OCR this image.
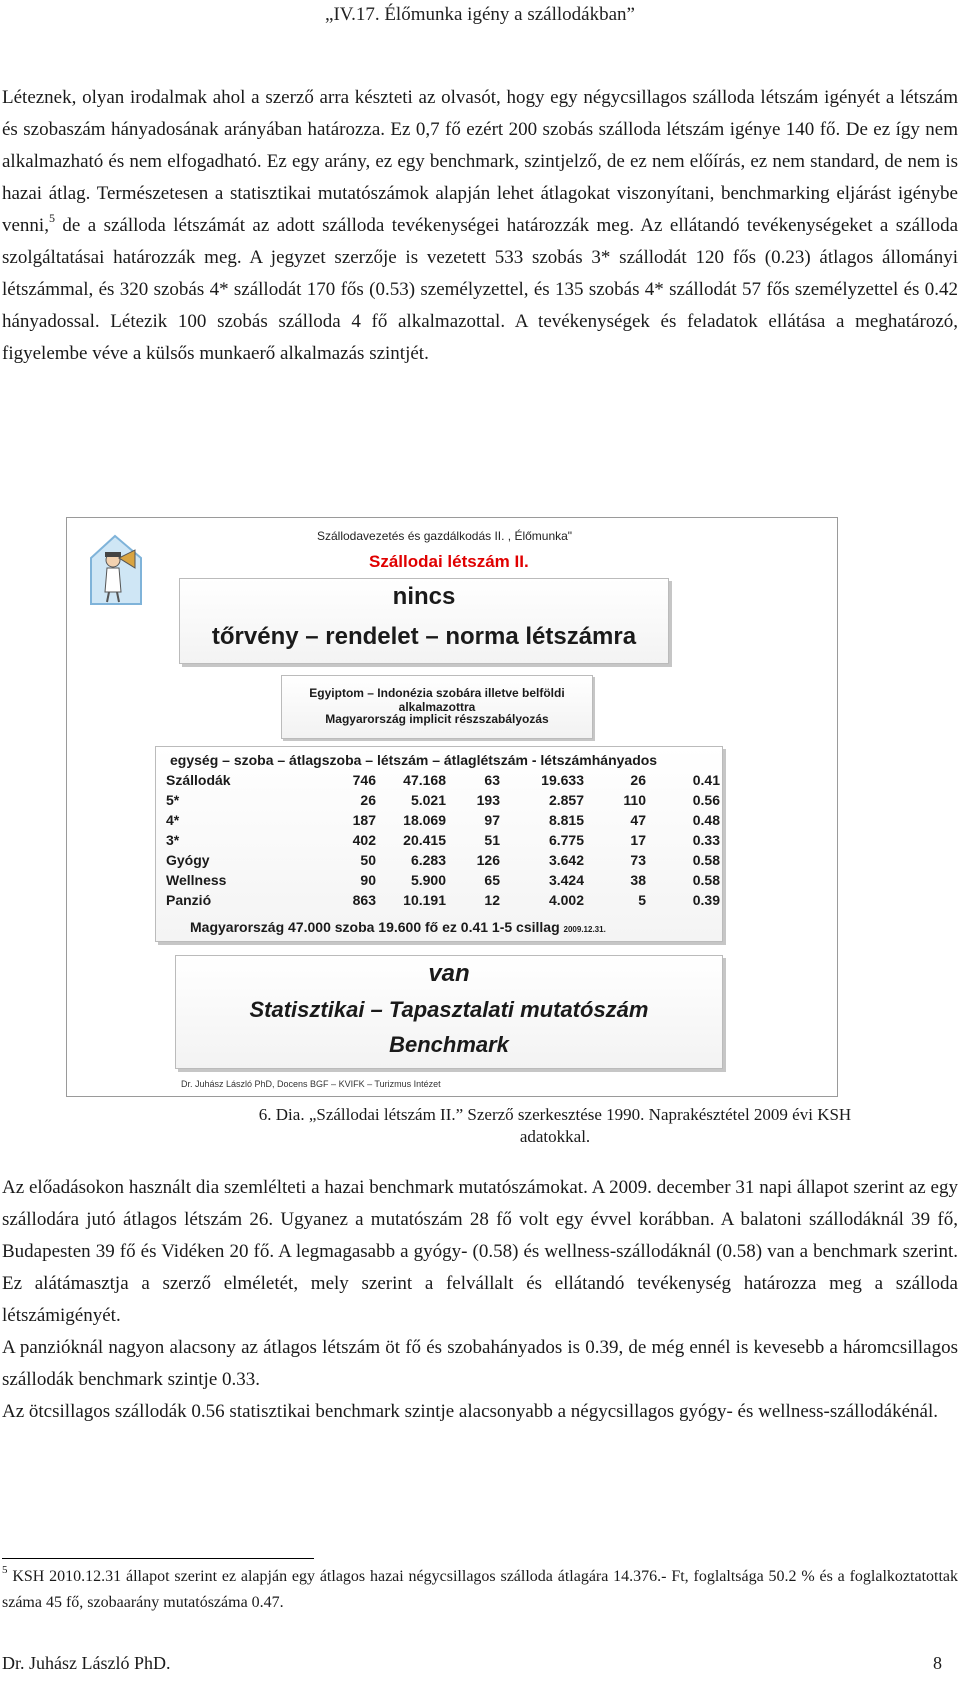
„IV.17. Élőmunka igény a szállodákban”

Léteznek, olyan irodalmak ahol a szerző arra készteti az olvasót, hogy egy négycsillagos szálloda létszám igényét a létszám és szobaszám hányadosának arányában határozza. Ez 0,7 fő ezért 200 szobás szálloda létszám igénye 140 fő. De ez így nem alkalmazható és nem elfogadható. Ez egy arány, ez egy benchmark, szintjelző, de ez nem előírás, ez nem standard, de nem is hazai átlag. Természetesen a statisztikai mutatószámok alapján lehet átlagokat viszonyítani, benchmarking eljárást igénybe venni,$^5$ de a szálloda létszámát az adott szálloda tevékenységei határozzák meg. Az ellátandó tevékenységeket a szálloda szolgáltatásai határozzák meg. A jegyzet szerzője is vezetett 533 szobás 3* szállodát 120 fős (0.23) átlagos állományi létszámmal, és 320 szobás 4* szállodát 170 fős (0.53) személyzettel, és 135 szobás 4* szállodát 57 fős személyzettel és 0.42 hányadossal. Létezik 100 szobás szálloda 4 fő alkalmazottal. A tevékenységek és feladatok ellátása a meghatározó, figyelembe véve a külsős munkaerő alkalmazás szintjét.

Szállodavezetés és gazdálkodás II. , Élőmunka"
Szállodai létszám II.
nincs
tőrvény – rendelet – norma létszámra
Egyiptom – Indonézia szobára illetve belföldi alkalmazottra
Magyarország implicit részszabályozás
egység – szoba – átlagszoba – létszám – átlaglétszám - létszámhányados
Szállodák	746	47.168	63	19.633	26	0.41
5*	26	5.021	193	2.857	110	0.56
4*	187	18.069	97	8.815	47	0.48
3*	402	20.415	51	6.775	17	0.33
Gyógy	50	6.283	126	3.642	73	0.58
Wellness	90	5.900	65	3.424	38	0.58
Panzió	863	10.191	12	4.002	5	0.39
Magyarország 47.000 szoba 19.600 fő ez 0.41 1-5 csillag 2009.12.31.
van
Statisztikai – Tapasztalati mutatószám
Benchmark
Dr. Juhász László PhD, Docens BGF – KVIFK – Turizmus Intézet

6. Dia. „Szállodai létszám II.” Szerző szerkesztése 1990. Naprakésztétel 2009 évi KSH
adatokkal.

Az előadásokon használt dia szemlélteti a hazai benchmark mutatószámokat. A 2009. december 31 napi állapot szerint az egy szállodára jutó átlagos létszám 26. Ugyanez a mutatószám 28 fő volt egy évvel korábban. A balatoni szállodáknál 39 fő, Budapesten 39 fő és Vidéken 20 fő. A legmagasabb a gyógy- (0.58) és wellness-szállodáknál (0.58) van a benchmark szerint. Ez alátámasztja a szerző elméletét, mely szerint a felvállalt és ellátandó tevékenység határozza meg a szálloda létszámigényét.
A panzióknál nagyon alacsony az átlagos létszám öt fő és szobahányados is 0.39, de még ennél is kevesebb a háromcsillagos szállodák benchmark szintje 0.33.
Az ötcsillagos szállodák 0.56 statisztikai benchmark szintje alacsonyabb a négycsillagos gyógy- és wellness-szállodákénál.

$^5$ KSH 2010.12.31 állapot szerint ez alapján egy átlagos hazai négycsillagos szálloda átlagára 14.376.- Ft, foglaltsága 50.2 % és a foglalkoztatottak száma 45 fő, szobaarány mutatószáma 0.47.

Dr. Juhász László PhD.	8
